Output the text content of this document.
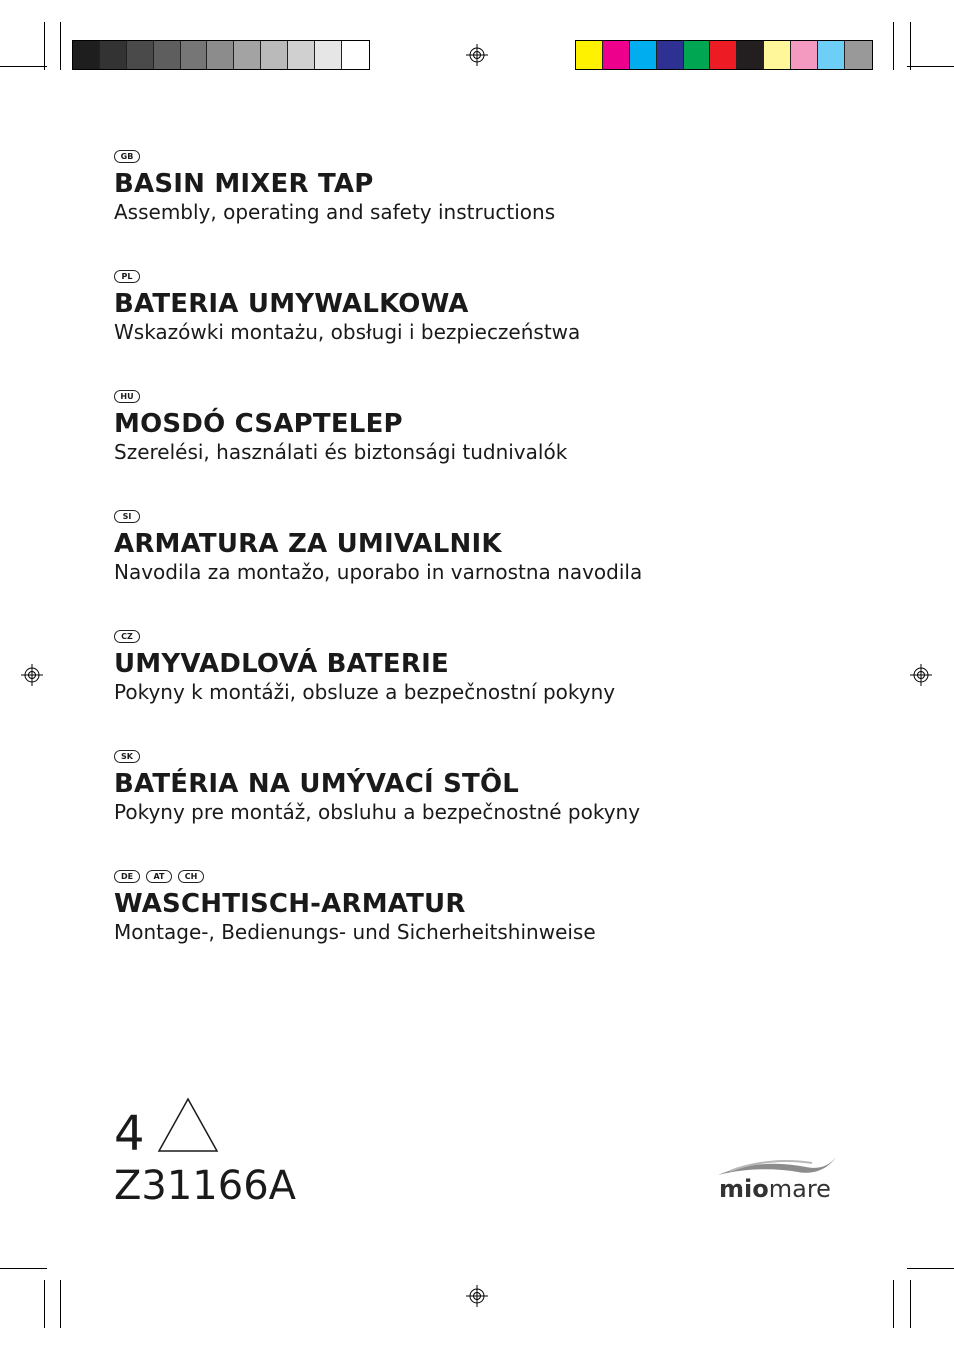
GB
BASIN MIXER TAP

Assembly, operating and safety instructions

PL
BATERIA UMYWALKOWA

Wskazówki montażu, obsługi i bezpieczeństwa

HU
MOSDÓ CSAPTELEP

Szerelési, használati és biztonsági tudnivalók

SI
ARMATURA ZA UMIVALNIK

Navodila za montažo, uporabo in varnostna navodila

CZ
UMYVADLOVÁ BATERIE

Pokyny k montáži, obsluze a bezpečnostní pokyny

SK
BATÉRIA NA UMÝVACÍ STÔL

Pokyny pre montáž, obsluhu a bezpečnostné pokyny

DE	AT	CH
WASCHTISCH-ARMATUR

Montage-, Bedienungs- und Sicherheitshinweise

4
Z31166A	miomare
